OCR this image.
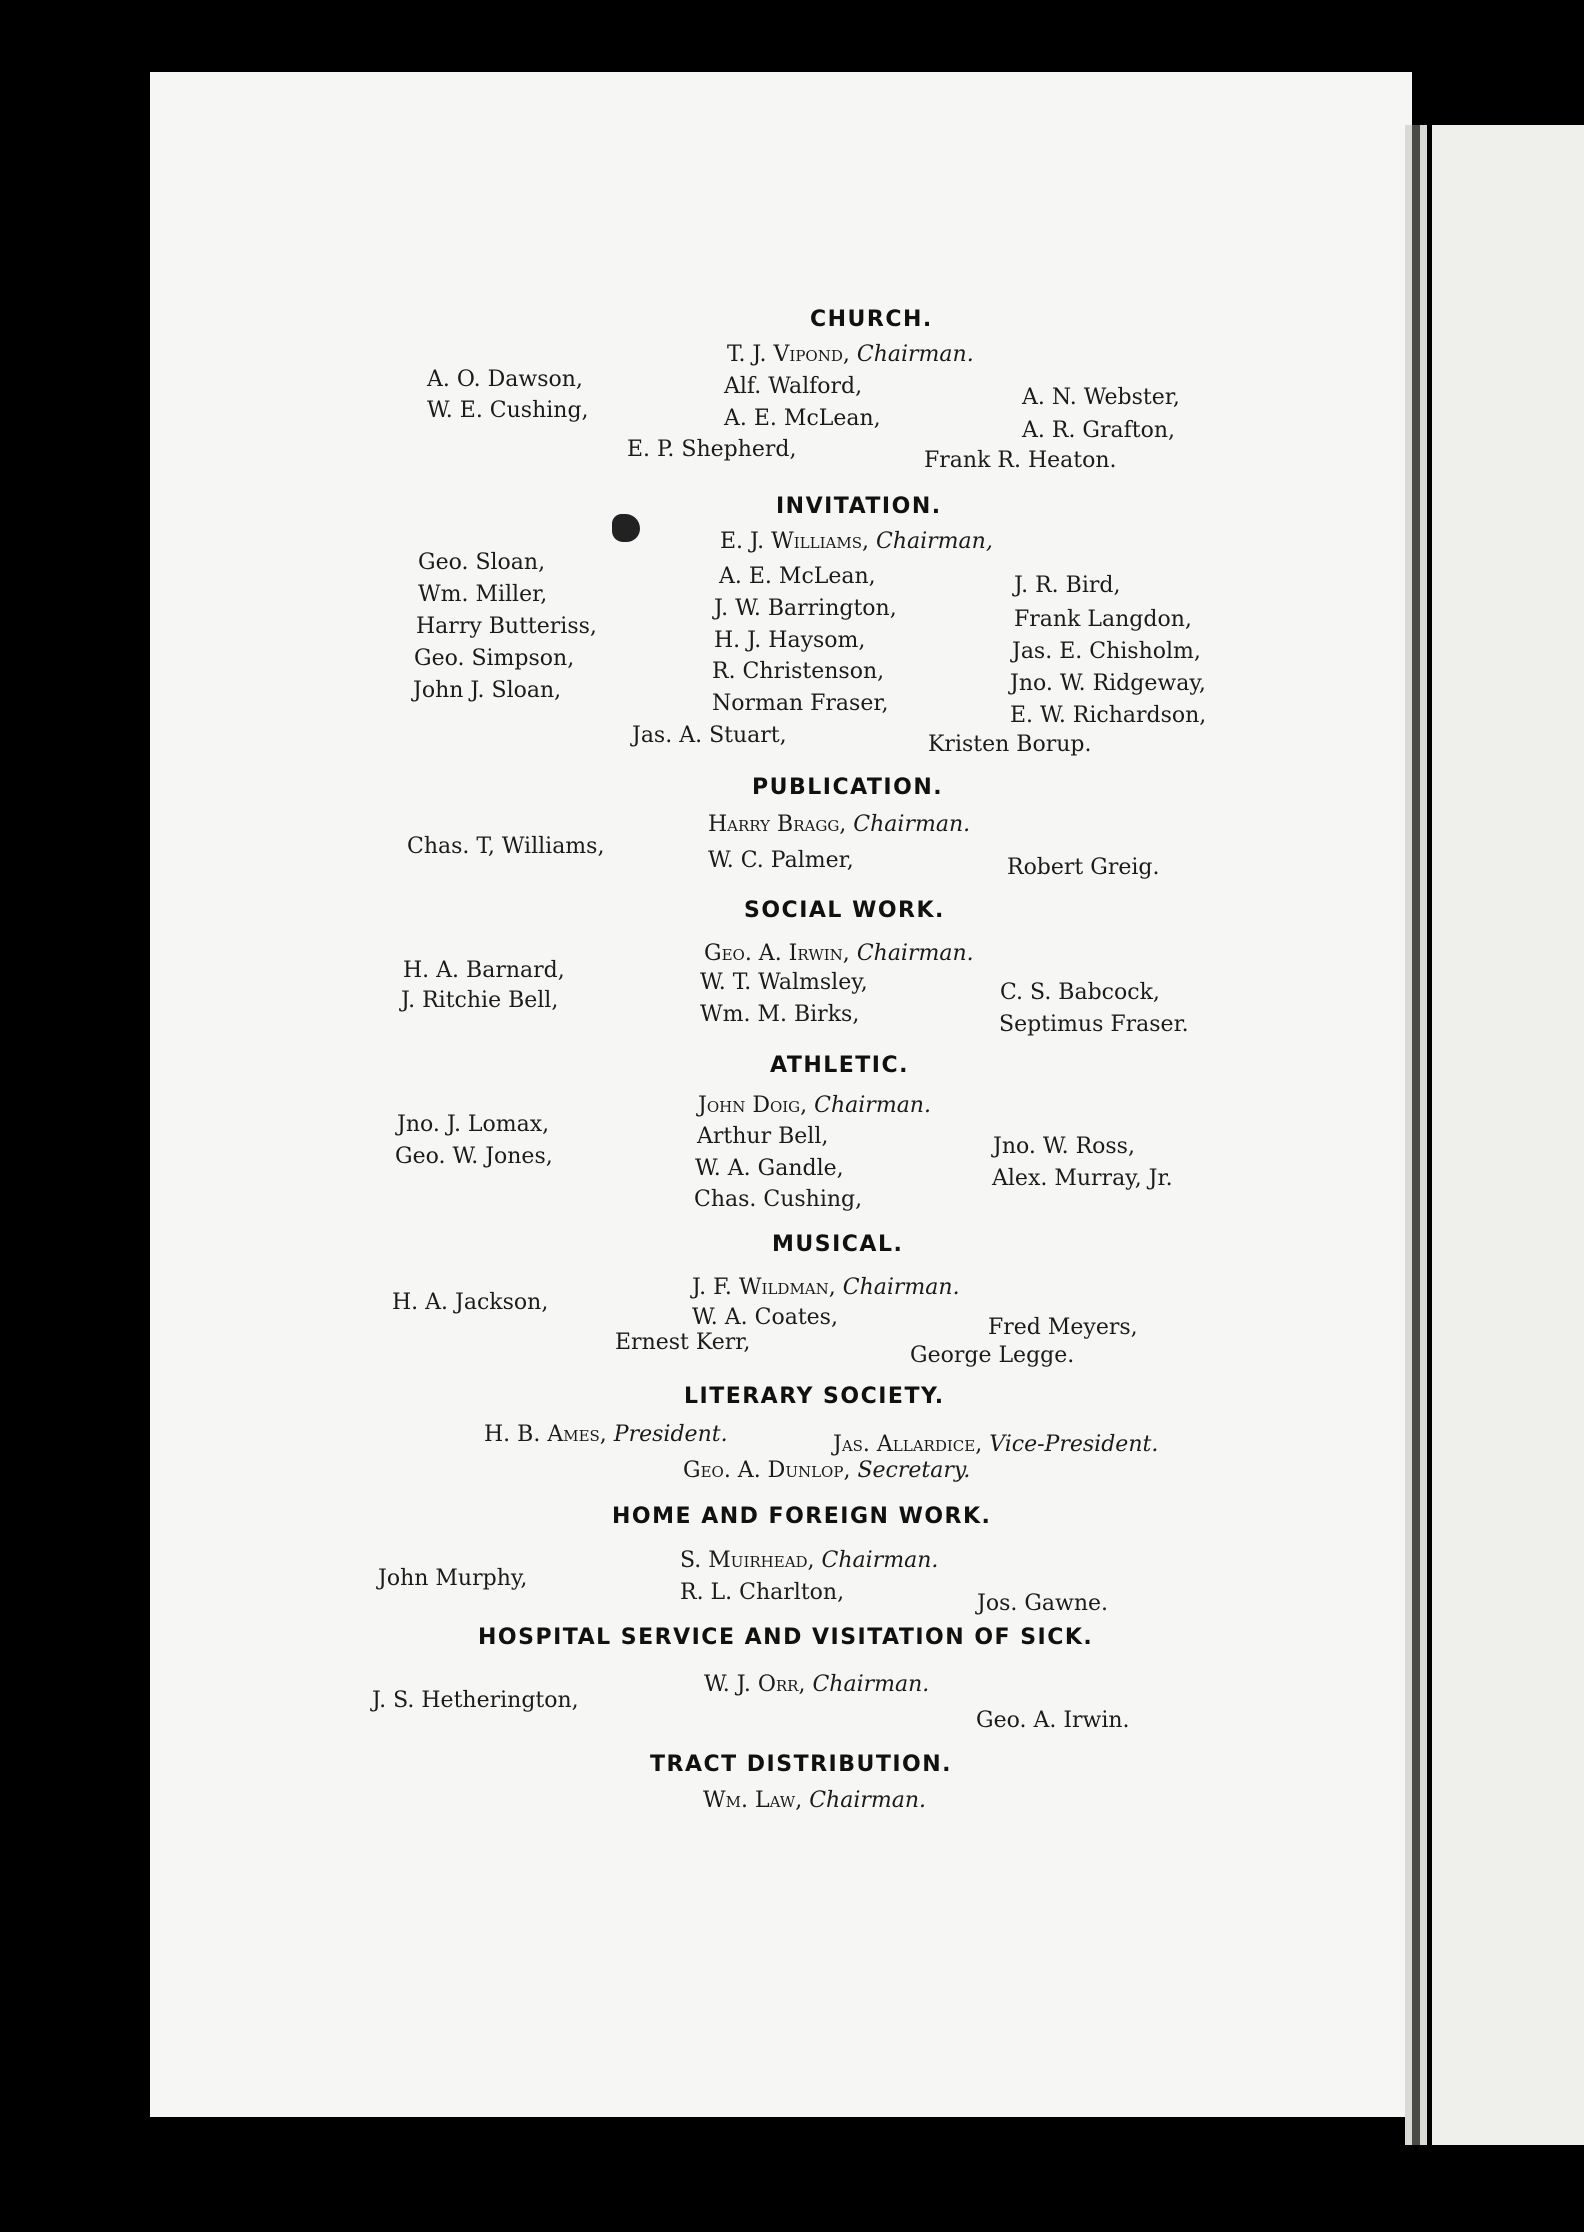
CHURCH.
T. J. Vipond, Chairman.
A. O. Dawson,
W. E. Cushing,
Alf. Walford,
A. E. McLean,
A. N. Webster,
A. R. Grafton,
E. P. Shepherd,	Frank R. Heaton.
INVITATION.
E. J. Williams, Chairman,
Geo. Sloan,
Wm. Miller,
Harry Butteriss,
Geo. Simpson,
John J. Sloan,
A. E. McLean,
J. W. Barrington,
H. J. Haysom,
R. Christenson,
Norman Fraser,
J. R. Bird,
Frank Langdon,
Jas. E. Chisholm,
Jno. W. Ridgeway,
E. W. Richardson,
Jas. A. Stuart,	Kristen Borup.
PUBLICATION.
Harry Bragg, Chairman.
Chas. T, Williams,
W. C. Palmer,	Robert Greig.
SOCIAL WORK.
Geo. A. Irwin, Chairman.
H. A. Barnard,
J. Ritchie Bell,
W. T. Walmsley,
Wm. M. Birks,
C. S. Babcock,
Septimus Fraser.
ATHLETIC.
John Doig, Chairman.
Jno. J. Lomax,
Geo. W. Jones,
Arthur Bell,
W. A. Gandle,
Chas. Cushing,
Jno. W. Ross,
Alex. Murray, Jr.
MUSICAL.
J. F. Wildman, Chairman.
H. A. Jackson,
W. A. Coates,	Fred Meyers,
Ernest Kerr,
George Legge.
LITERARY SOCIETY.
H. B. Ames, President.	Jas. Allardice, Vice-President.
Geo. A. Dunlop, Secretary.
HOME AND FOREIGN WORK.
S. Muirhead, Chairman.
John Murphy,
R. L. Charlton,	Jos. Gawne.
HOSPITAL SERVICE AND VISITATION OF SICK.
W. J. Orr, Chairman.
J. S. Hetherington,
Geo. A. Irwin.
TRACT DISTRIBUTION.
Wm. Law, Chairman.
